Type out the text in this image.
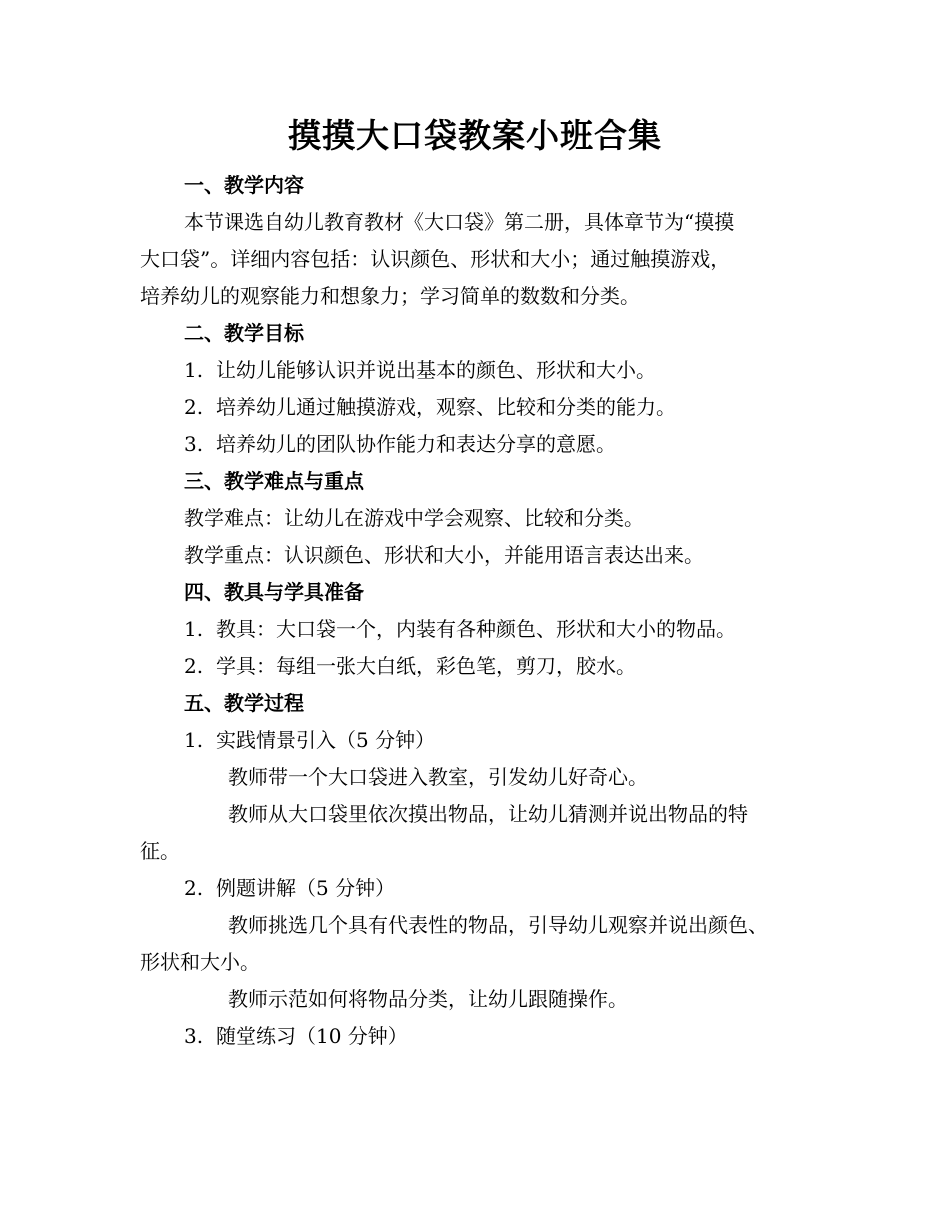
摸摸大口袋教案小班合集
一、教学内容
本节课选自幼儿教育教材《大口袋》第二册，具体章节为“摸摸
大口袋”。详细内容包括：认识颜色、形状和大小；通过触摸游戏，
培养幼儿的观察能力和想象力；学习简单的数数和分类。
二、教学目标
1. 让幼儿能够认识并说出基本的颜色、形状和大小。
2. 培养幼儿通过触摸游戏，观察、比较和分类的能力。
3. 培养幼儿的团队协作能力和表达分享的意愿。
三、教学难点与重点
教学难点：让幼儿在游戏中学会观察、比较和分类。
教学重点：认识颜色、形状和大小，并能用语言表达出来。
四、教具与学具准备
1. 教具：大口袋一个，内装有各种颜色、形状和大小的物品。
2. 学具：每组一张大白纸，彩色笔，剪刀，胶水。
五、教学过程
1. 实践情景引入（5 分钟）
教师带一个大口袋进入教室，引发幼儿好奇心。
教师从大口袋里依次摸出物品，让幼儿猜测并说出物品的特
征。
2. 例题讲解（5 分钟）
教师挑选几个具有代表性的物品，引导幼儿观察并说出颜色、
形状和大小。
教师示范如何将物品分类，让幼儿跟随操作。
3. 随堂练习（10 分钟）
